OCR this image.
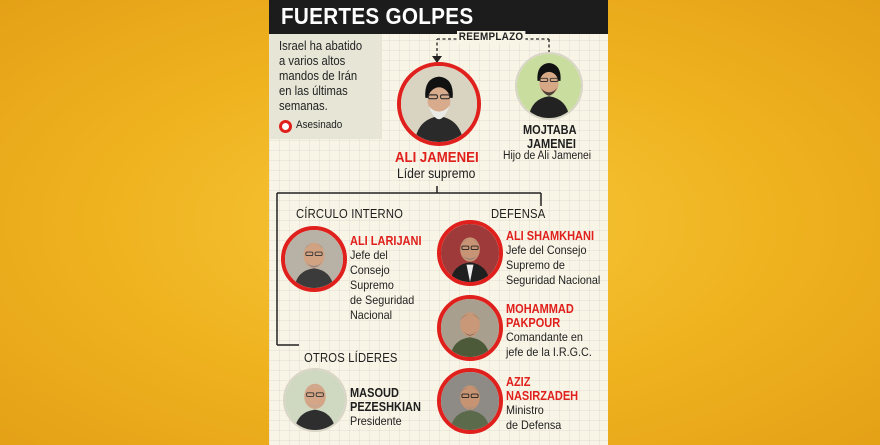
FUERTES GOLPES
Israel ha abatido a varios altos mandos de Irán en las últimas semanas.
Asesinado
REEMPLAZO
ALI JAMENEI
Líder supremo
MOJTABA
JAMENEI
Hijo de Ali Jamenei
CÍRCULO INTERNO	DEFENSA
OTROS LÍDERES
ALI LARIJANI
Jefe del
Consejo
Supremo
de Seguridad
Nacional
ALI SHAMKHANI
Jefe del Consejo
Supremo de
Seguridad Nacional
MOHAMMAD
PAKPOUR
Comandante en
jefe de la I.R.G.C.
AZIZ
NASIRZADEH
Ministro
de Defensa
MASOUD
PEZESHKIAN
Presidente
